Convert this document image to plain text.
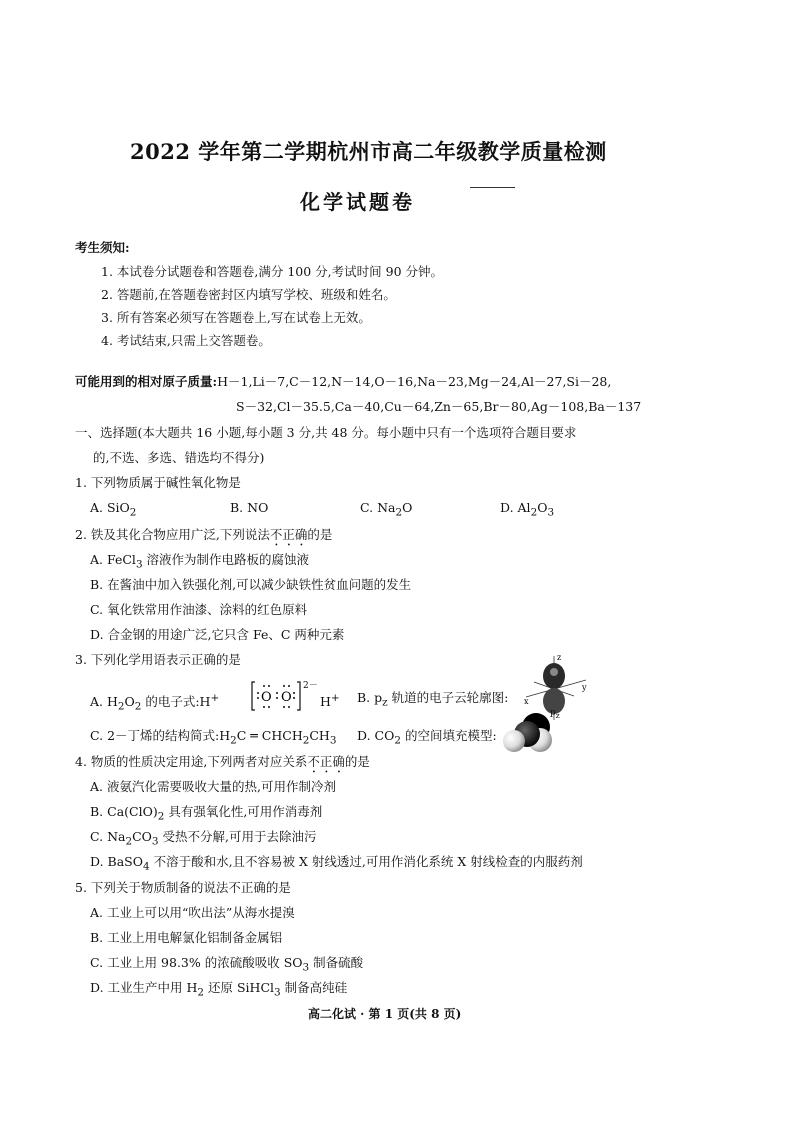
2022 学年第二学期杭州市高二年级教学质量检测
化学试题卷
考生须知:
1. 本试卷分试题卷和答题卷,满分 100 分,考试时间 90 分钟。
2. 答题前,在答题卷密封区内填写学校、班级和姓名。
3. 所有答案必须写在答题卷上,写在试卷上无效。
4. 考试结束,只需上交答题卷。
可能用到的相对原子质量:H－1,Li－7,C－12,N－14,O－16,Na－23,Mg－24,Al－27,Si－28,
S－32,Cl－35.5,Ca－40,Cu－64,Zn－65,Br－80,Ag－108,Ba－137
一、选择题(本大题共 16 小题,每小题 3 分,共 48 分。每小题中只有一个选项符合题目要求
的,不选、多选、错选均不得分)
1. 下列物质属于碱性氧化物是
A. SiO$_2$	B. NO	C. $Na_2O$	D. $Al_2O_3$
2. 铁及其化合物应用广泛,下列说法不正确的是
A. FeCl$_3$ 溶液作为制作电路板的腐蚀液
B. 在酱油中加入铁强化剂,可以减少缺铁性贫血问题的发生
C. 氧化铁常用作油漆、涂料的红色原料
D. 合金钢的用途广泛,它只含 Fe、C 两种元素
3. 下列化学用语表示正确的是
A. $H_2O_2$ 的电子式:H+	O O
2－
H+ B. $p_z$ 轨道的电子云轮廓图:
z
y
x
$p_z$
C. 2－丁烯的结构简式$:H_2C$ ═ $CHCH_2CH_3$ D. $CO_2$ 的空间填充模型:
4. 物质的性质决定用途,下列两者对应关系不正确的是
A. 液氨汽化需要吸收大量的热,可用作制冷剂
B. $Ca(ClO)_2$ 具有强氧化性,可用作消毒剂
C. $Na_2CO_3$ 受热不分解,可用于去除油污
D. BaSO$_4$ 不溶于酸和水,且不容易被 X 射线透过,可用作消化系统 X 射线检查的内服药剂
5. 下列关于物质制备的说法不正确的是
A. 工业上可以用“吹出法”从海水提溴
B. 工业上用电解氯化铝制备金属铝
C. 工业上用 98.3% 的浓硫酸吸收 $SO_3$ 制备硫酸
D. 工业生产中用 $H_2$ 还原 SiHCl$_3$ 制备高纯硅
高二化试 · 第 1 页(共 8 页)
